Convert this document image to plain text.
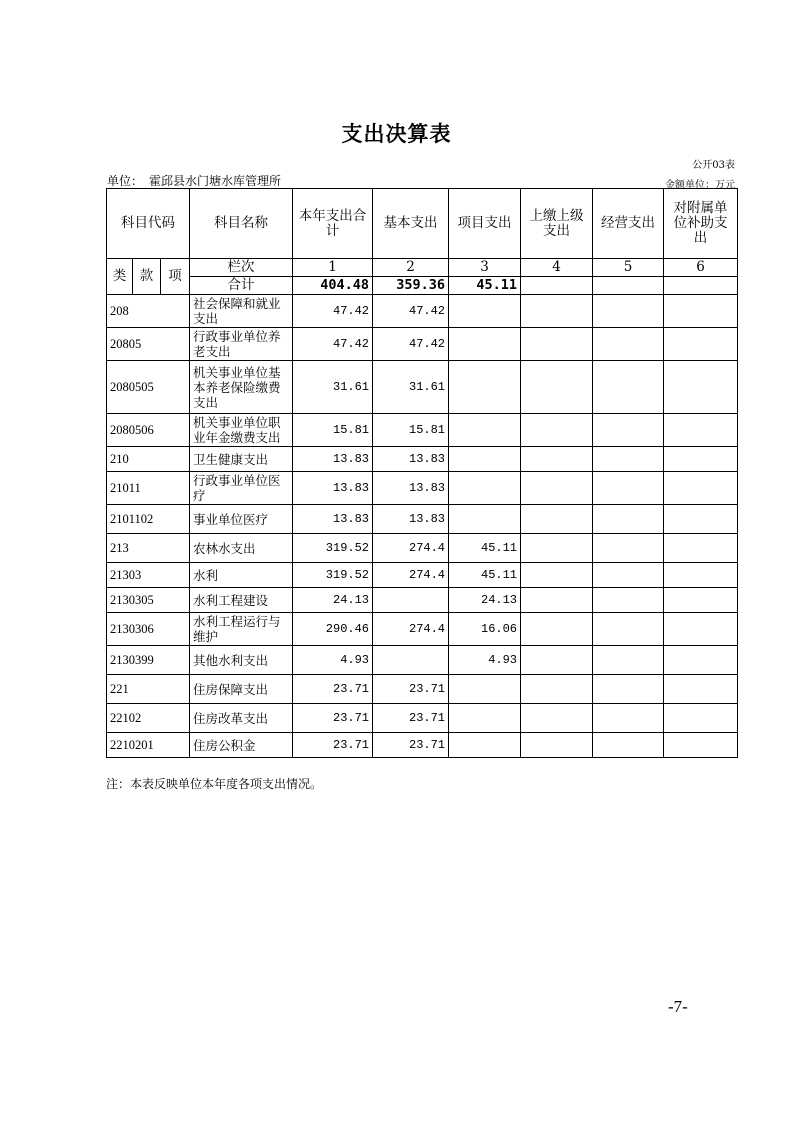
支出决算表
公开03表
单位： 霍邱县水门塘水库管理所	金额单位：万元
科目代码			科目名称	本年支出合计	基本支出	项目支出	上缴上级支出	经营支出	对附属单位补助支出
类	款	项	栏次	1	2	3	4	5	6
			合计	404.48	359.36	45.11			
208			社会保障和就业支出	47.42	47.42				
20805			行政事业单位养老支出	47.42	47.42				
2080505			机关事业单位基本养老保险缴费支出	31.61	31.61				
2080506			机关事业单位职业年金缴费支出	15.81	15.81				
210			卫生健康支出	13.83	13.83				
21011			行政事业单位医疗	13.83	13.83				
2101102			事业单位医疗	13.83	13.83				
213			农林水支出	319.52	274.4	45.11			
21303			水利	319.52	274.4	45.11			
2130305			水利工程建设	24.13		24.13			
2130306			水利工程运行与维护	290.46	274.4	16.06			
2130399			其他水利支出	4.93		4.93			
221			住房保障支出	23.71	23.71				
22102			住房改革支出	23.71	23.71				
2210201			住房公积金	23.71	23.71				
注：本表反映单位本年度各项支出情况。
-7-
